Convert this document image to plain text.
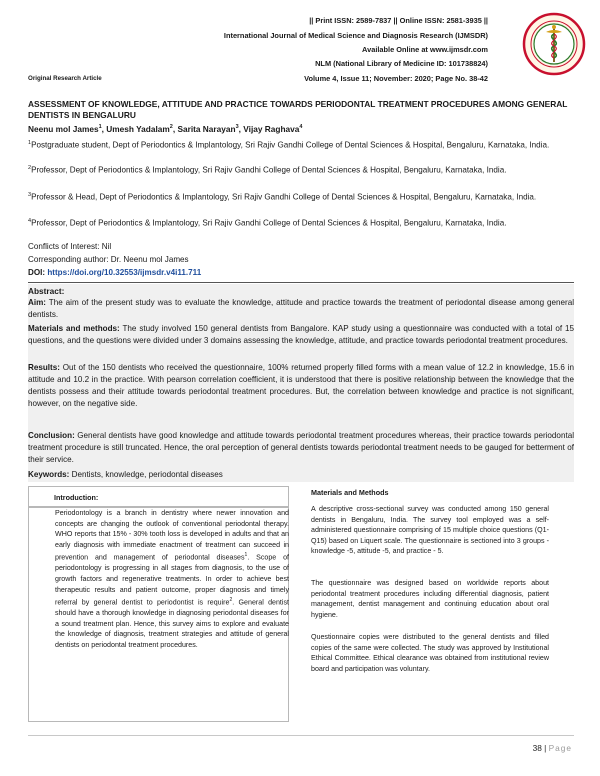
|| Print ISSN: 2589-7837 || Online ISSN: 2581-3935 ||
International Journal of Medical Science and Diagnosis Research (IJMSDR)
Available Online at www.ijmsdr.com
NLM (National Library of Medicine ID: 101738824)
Volume 4, Issue 11; November: 2020; Page No. 38-42
Original Research Article
ASSESSMENT OF KNOWLEDGE, ATTITUDE AND PRACTICE TOWARDS PERIODONTAL TREATMENT PROCEDURES AMONG GENERAL DENTISTS IN BENGALURU
Neenu mol James$^1$, Umesh Yadalam$^2$, Sarita Narayan$^3$, Vijay Raghava$^4$
$^1$Postgraduate student, Dept of Periodontics & Implantology, Sri Rajiv Gandhi College of Dental Sciences & Hospital, Bengaluru, Karnataka, India.
$^2$Professor, Dept of Periodontics & Implantology, Sri Rajiv Gandhi College of Dental Sciences & Hospital, Bengaluru, Karnataka, India.
$^3$Professor & Head, Dept of Periodontics & Implantology, Sri Rajiv Gandhi College of Dental Sciences & Hospital, Bengaluru, Karnataka, India.
$^4$Professor, Dept of Periodontics & Implantology, Sri Rajiv Gandhi College of Dental Sciences & Hospital, Bengaluru, Karnataka, India.
Conflicts of Interest: Nil
Corresponding author: Dr. Neenu mol James
DOI: https://doi.org/10.32553/ijmsdr.v4i11.711
Abstract:
Aim: The aim of the present study was to evaluate the knowledge, attitude and practice towards the treatment of periodontal disease among general dentists.
Materials and methods: The study involved 150 general dentists from Bangalore. KAP study using a questionnaire was conducted with a total of 15 questions, and the questions were divided under 3 domains assessing the knowledge, attitude, and practice towards periodontal treatment procedures.
Results: Out of the 150 dentists who received the questionnaire, 100% returned properly filled forms with a mean value of 12.2 in knowledge, 15.6 in attitude and 10.2 in the practice. With pearson correlation coefficient, it is understood that there is positive relationship between the knowledge that the dentists possess and their attitude towards periodontal treatment procedures. But, the correlation between knowledge and practice is not significant, however, on the negative side.
Conclusion: General dentists have good knowledge and attitude towards periodontal treatment procedures whereas, their practice towards periodontal treatment procedure is still truncated. Hence, the oral perception of general dentists towards periodontal treatment needs to be gauged for betterment of their service.
Keywords: Dentists, knowledge, periodontal diseases
Introduction:
Periodontology is a branch in dentistry where newer innovation and concepts are changing the outlook of conventional periodontal therapy. WHO reports that 15% - 30% tooth loss is developed in adults and that an early diagnosis with immediate enactment of treatment can succeed in prevention and management of periodontal diseases$^1$. Scope of periodontology is progressing in all stages from diagnosis, to the use of growth factors and regenerative treatments. In order to achieve best therapeutic results and patient outcome, proper diagnosis and timely referral by general dentist to periodontist is require$^2$. General dentist should have a thorough knowledge in diagnosing periodontal diseases for a sound treatment plan. Hence, this survey aims to explore and evaluate the knowledge of diagnosis, treatment strategies and attitude of general dentists on periodontal treatment procedures.
Materials and Methods
A descriptive cross-sectional survey was conducted among 150 general dentists in Bengaluru, India. The survey tool employed was a self-administered questionnaire comprising of 15 multiple choice questions (Q1-Q15) based on Liquert scale. The questionnaire is sectioned into 3 groups - knowledge -5, attitude -5, and practice - 5.
The questionnaire was designed based on worldwide reports about periodontal treatment procedures including differential diagnosis, patient management, dentist management and continuing education about oral hygiene.
Questionnaire copies were distributed to the general dentists and filled copies of the same were collected. The study was approved by Institutional Ethical Committee. Ethical clearance was obtained from institutional review board and participation was voluntary.
38 | Page
